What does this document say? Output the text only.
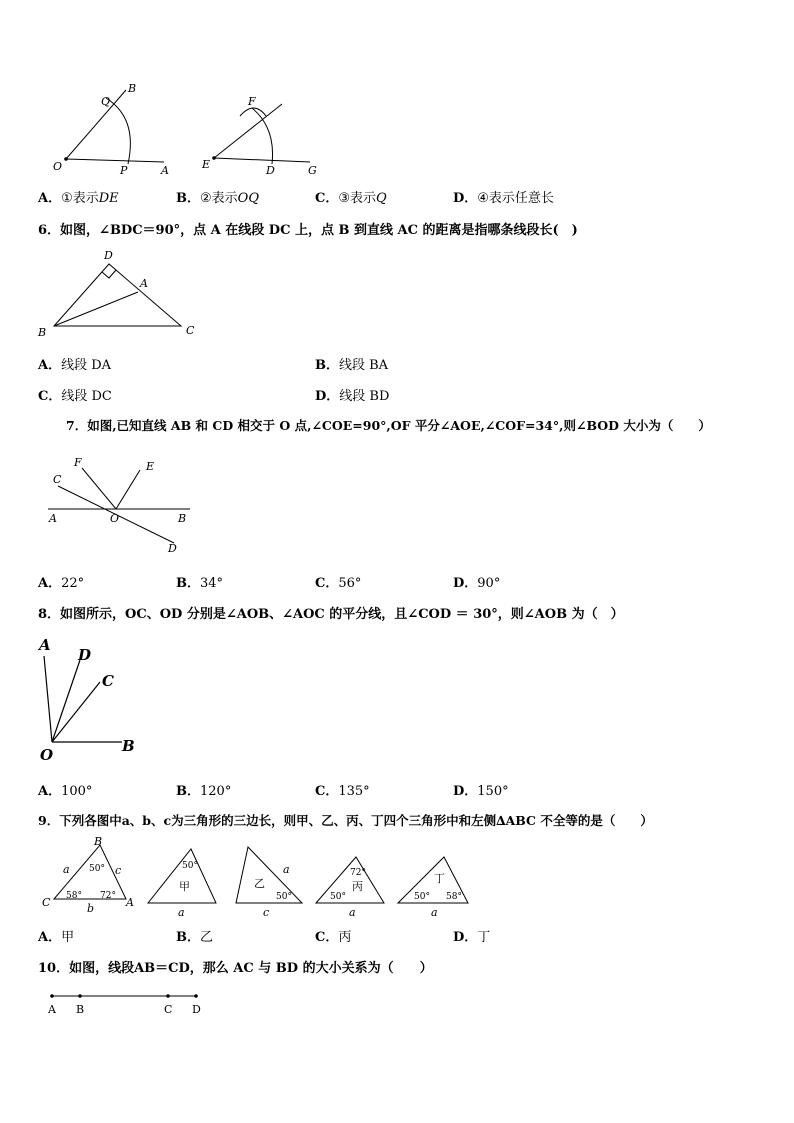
O	P	A
Q
B
E	D	G
F
A．①表示DE	B．②表示OQ	C．③表示Q	D．④表示任意长
6．如图，∠BDC＝90°，点 A 在线段 DC 上，点 B 到直线 AC 的距离是指哪条线段长(　)
D
A
B	C
A．线段 DA	B．线段 BA
C．线段 DC	D．线段 BD
7．如图,已知直线 AB 和 CD 相交于 O 点,∠COE=90°,OF 平分∠AOE,∠COF=34°,则∠BOD 大小为（　　）
C
F	E
A	O	B
D
A．22°	B．34°	C．56°	D．90°
8．如图所示，OC、OD 分别是∠AOB、∠AOC 的平分线，且∠COD ＝ 30°，则∠AOB 为（　）
A
D
C
O	B
A．100°	B．120°	C．135°	D．150°
9．下列各图中a、b、c为三角形的三边长，则甲、乙、丙、丁四个三角形中和左侧∆ABC 不全等的是（　　）
B
C	A
a	c
b
50°
58° 72°
50°
甲
a
乙
50°
a
c
72°
丙
50°
a
丁
50° 58°
a
A．甲	B．乙	C．丙	D．丁
10．如图，线段AB＝CD，那么 AC 与 BD 的大小关系为（　　）
A B	C D
